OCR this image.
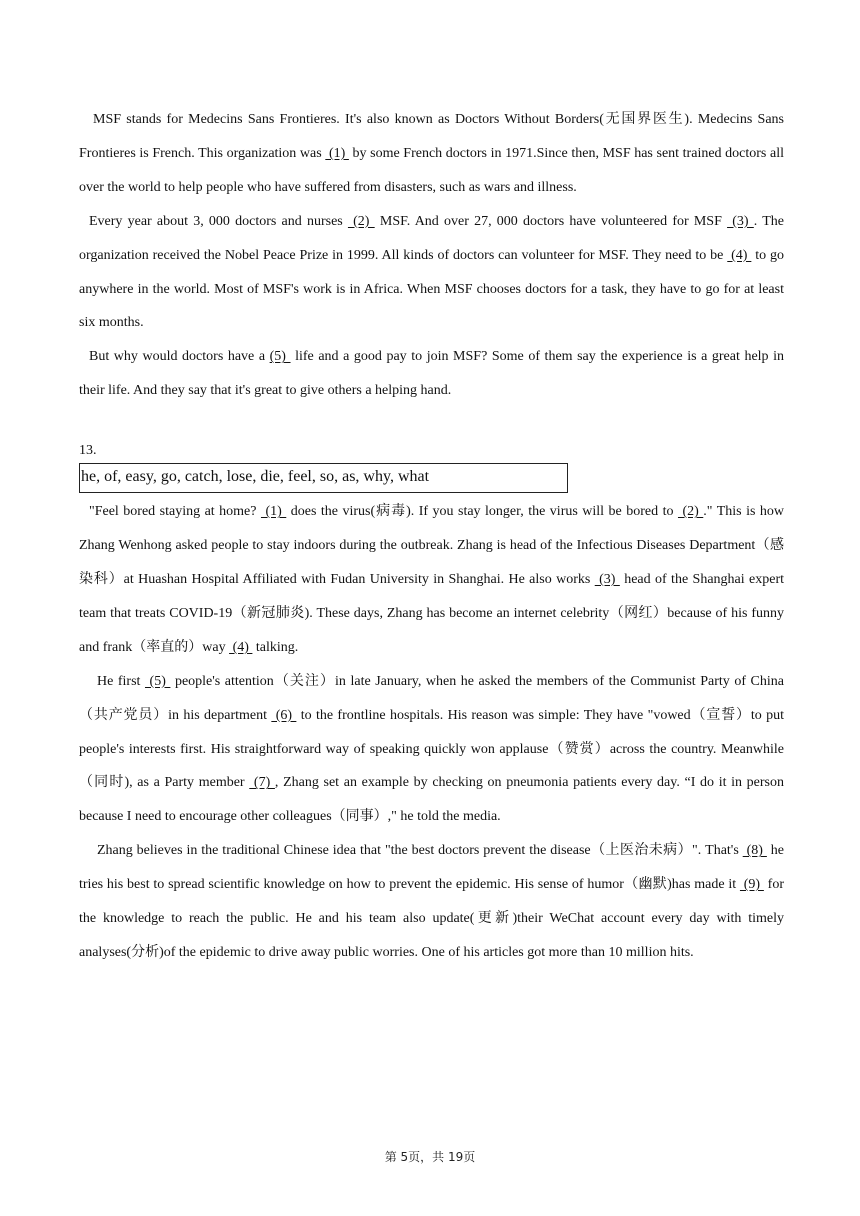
MSF stands for Medecins Sans Frontieres. It's also known as Doctors Without Borders(无国界医生). Medecins Sans Frontieres is French. This organization was  (1)  by some French doctors in 1971.Since then, MSF has sent trained doctors all over the world to help people who have suffered from disasters, such as wars and illness.

Every year about 3, 000 doctors and nurses  (2)  MSF. And over 27, 000 doctors have volunteered for MSF  (3) . The organization received the Nobel Peace Prize in 1999. All kinds of doctors can volunteer for MSF. They need to be  (4)  to go anywhere in the world. Most of MSF's work is in Africa. When MSF chooses doctors for a task, they have to go for at least six months.

But why would doctors have a (5)  life and a good pay to join MSF? Some of them say the experience is a great help in their life. And they say that it's great to give others a helping hand.

13.
he, of, easy, go, catch, lose, die, feel, so, as, why, what

"Feel bored staying at home?  (1)  does the virus(病毒). If you stay longer, the virus will be bored to  (2) ." This is how Zhang Wenhong asked people to stay indoors during the outbreak. Zhang is head of the Infectious Diseases Department（感染科）at Huashan Hospital Affiliated with Fudan University in Shanghai. He also works  (3)  head of the Shanghai expert team that treats COVID-19（新冠肺炎). These days, Zhang has become an internet celebrity（网红）because of his funny and frank（率直的）way  (4)  talking.

He first  (5)  people's attention（关注）in late January, when he asked the members of the Communist Party of China（共产党员）in his department  (6)  to the frontline hospitals. His reason was simple: They have "vowed（宣誓）to put people's interests first. His straightforward way of speaking quickly won applause（赞赏）across the country. Meanwhile（同时), as a Party member  (7) , Zhang set an example by checking on pneumonia patients every day. “I do it in person because I need to encourage other colleagues（同事）," he told the media.

Zhang believes in the traditional Chinese idea that "the best doctors prevent the disease（上医治未病）". That's  (8)  he tries his best to spread scientific knowledge on how to prevent the epidemic. His sense of humor（幽默)has made it  (9)  for the knowledge to reach the public. He and his team also update(更新)their WeChat account every day with timely analyses(分析)of the epidemic to drive away public worries. One of his articles got more than 10 million hits.

第 5页，共 19页
